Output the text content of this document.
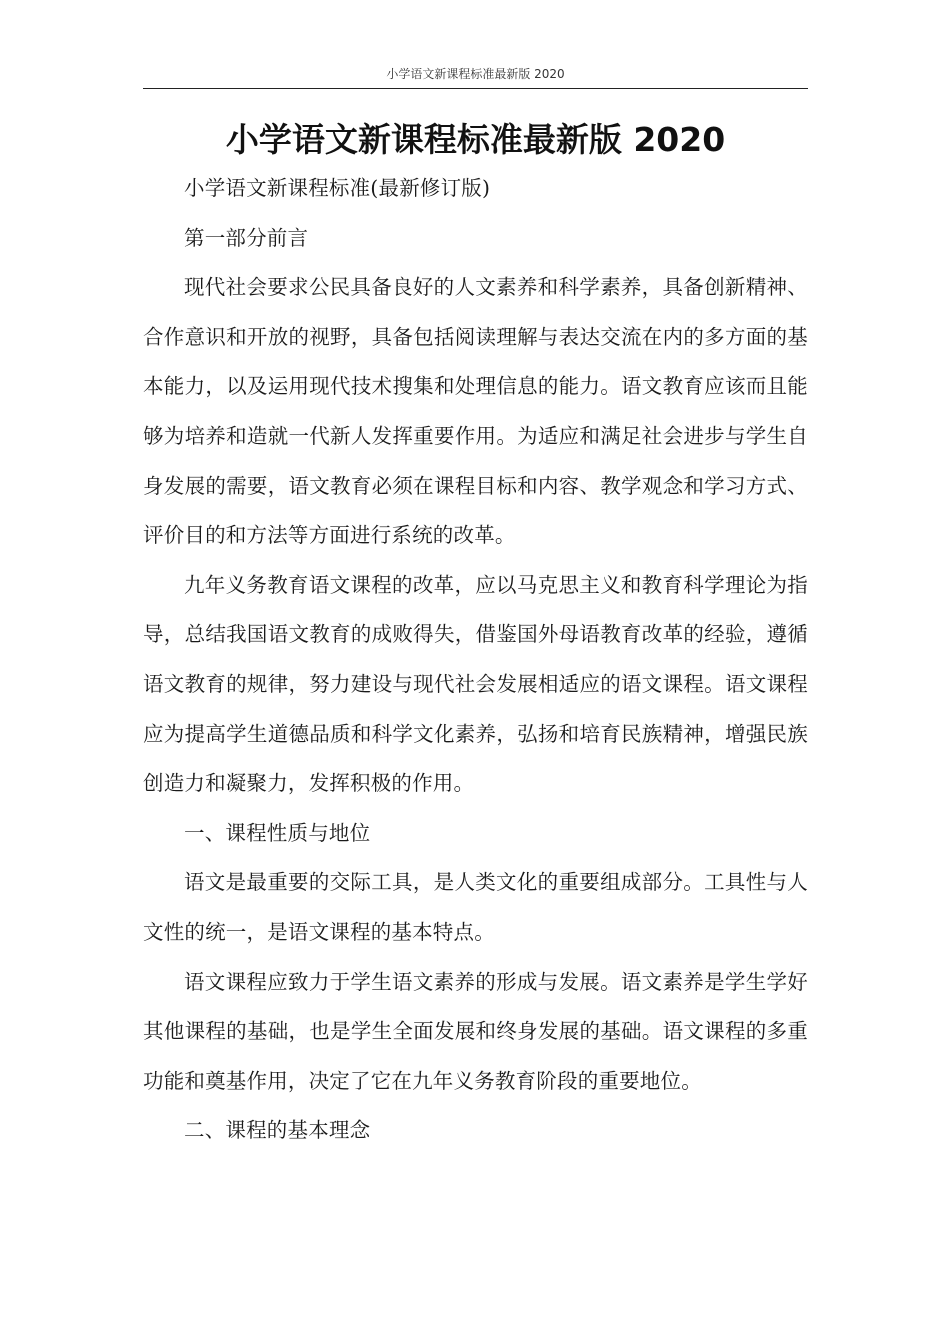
小学语文新课程标准最新版 2020
小学语文新课程标准最新版 2020

小学语文新课程标准(最新修订版)

第一部分前言

现代社会要求公民具备良好的人文素养和科学素养，具备创新精神、合作意识和开放的视野，具备包括阅读理解与表达交流在内的多方面的基本能力，以及运用现代技术搜集和处理信息的能力。语文教育应该而且能够为培养和造就一代新人发挥重要作用。为适应和满足社会进步与学生自身发展的需要，语文教育必须在课程目标和内容、教学观念和学习方式、评价目的和方法等方面进行系统的改革。

九年义务教育语文课程的改革，应以马克思主义和教育科学理论为指导，总结我国语文教育的成败得失，借鉴国外母语教育改革的经验，遵循语文教育的规律，努力建设与现代社会发展相适应的语文课程。语文课程应为提高学生道德品质和科学文化素养，弘扬和培育民族精神，增强民族创造力和凝聚力，发挥积极的作用。

一、课程性质与地位

语文是最重要的交际工具，是人类文化的重要组成部分。工具性与人文性的统一，是语文课程的基本特点。

语文课程应致力于学生语文素养的形成与发展。语文素养是学生学好其他课程的基础，也是学生全面发展和终身发展的基础。语文课程的多重功能和奠基作用，决定了它在九年义务教育阶段的重要地位。

二、课程的基本理念
